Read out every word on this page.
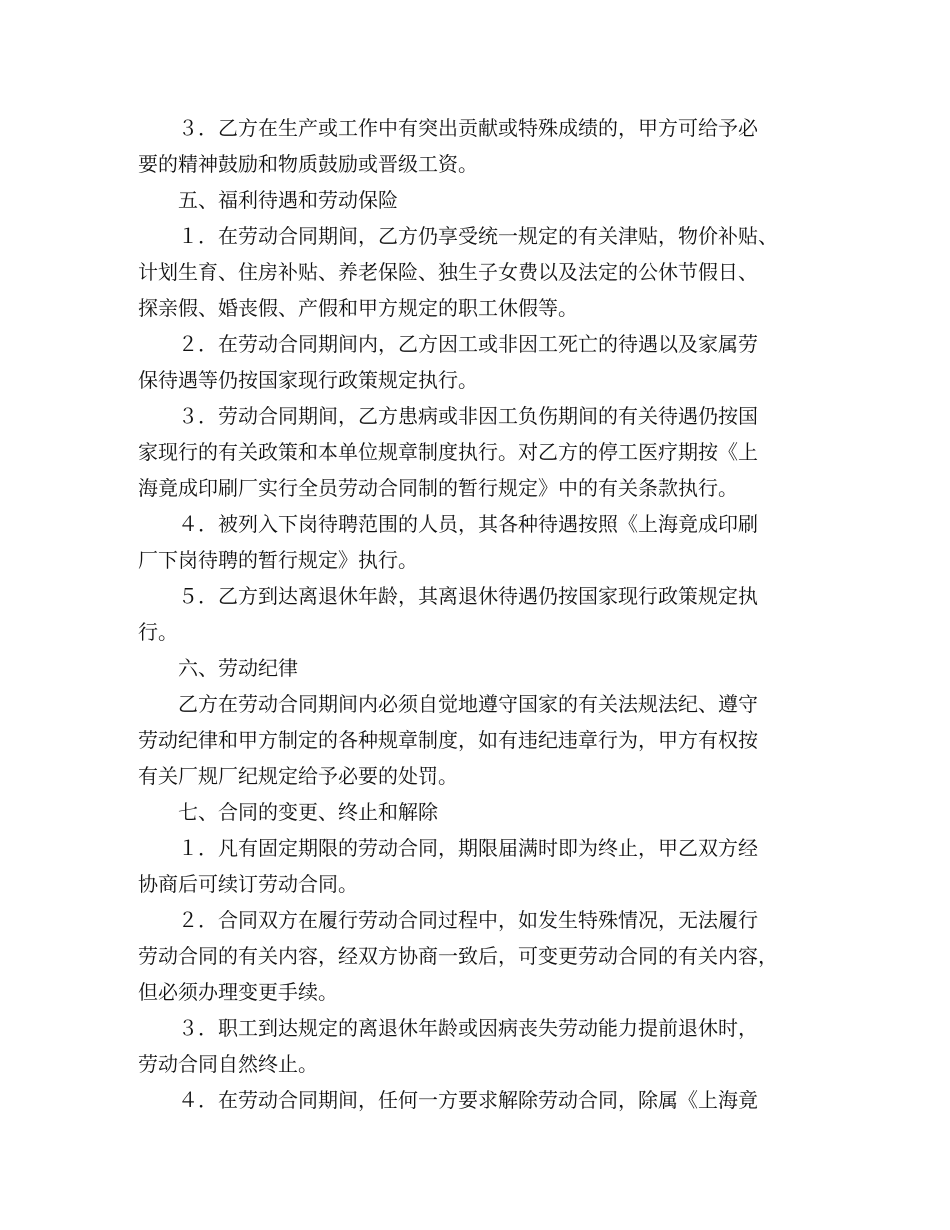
　　３．乙方在生产或工作中有突出贡献或特殊成绩的，甲方可给予必
要的精神鼓励和物质鼓励或晋级工资。
　　五、福利待遇和劳动保险
　　１．在劳动合同期间，乙方仍享受统一规定的有关津贴，物价补贴、
计划生育、住房补贴、养老保险、独生子女费以及法定的公休节假日、
探亲假、婚丧假、产假和甲方规定的职工休假等。
　　２．在劳动合同期间内，乙方因工或非因工死亡的待遇以及家属劳
保待遇等仍按国家现行政策规定执行。
　　３．劳动合同期间，乙方患病或非因工负伤期间的有关待遇仍按国
家现行的有关政策和本单位规章制度执行。对乙方的停工医疗期按《上
海竟成印刷厂实行全员劳动合同制的暂行规定》中的有关条款执行。
　　４．被列入下岗待聘范围的人员，其各种待遇按照《上海竟成印刷
厂下岗待聘的暂行规定》执行。
　　５．乙方到达离退休年龄，其离退休待遇仍按国家现行政策规定执
行。
　　六、劳动纪律
　　乙方在劳动合同期间内必须自觉地遵守国家的有关法规法纪、遵守
劳动纪律和甲方制定的各种规章制度，如有违纪违章行为，甲方有权按
有关厂规厂纪规定给予必要的处罚。
　　七、合同的变更、终止和解除
　　１．凡有固定期限的劳动合同，期限届满时即为终止，甲乙双方经
协商后可续订劳动合同。
　　２．合同双方在履行劳动合同过程中，如发生特殊情况，无法履行
劳动合同的有关内容，经双方协商一致后，可变更劳动合同的有关内容，
但必须办理变更手续。
　　３．职工到达规定的离退休年龄或因病丧失劳动能力提前退休时，
劳动合同自然终止。
　　４．在劳动合同期间，任何一方要求解除劳动合同，除属《上海竟
